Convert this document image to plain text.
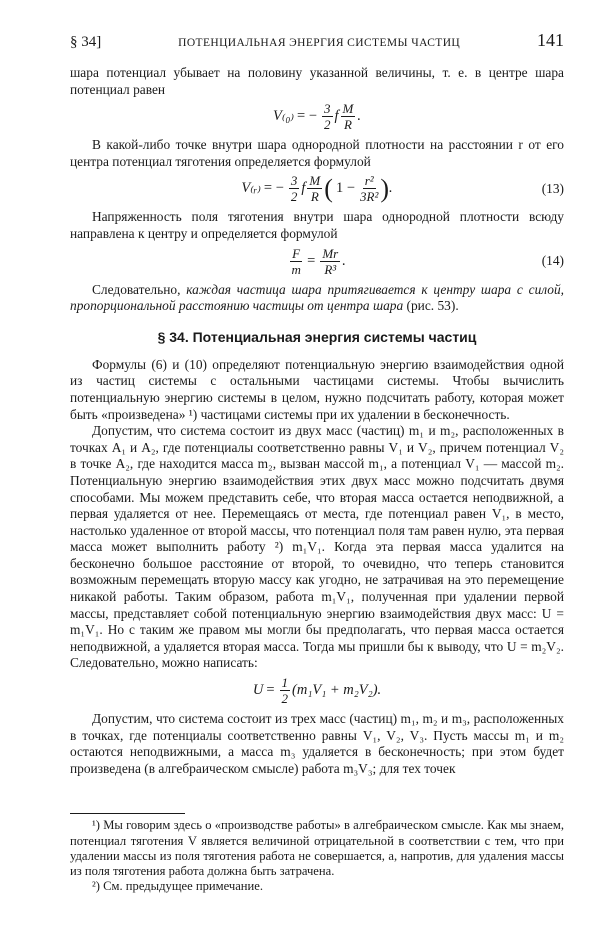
§ 34]	ПОТЕНЦИАЛЬНАЯ ЭНЕРГИЯ СИСТЕМЫ ЧАСТИЦ	141

шара потенциал убывает на половину указанной величины, т. е. в центре шара потенциал равен

V₍₀₎ = − $\frac{3}{2}$ f $\frac{M}{R}$ .

В какой-либо точке внутри шара однородной плотности на расстоянии r от его центра потенциал тяготения определяется формулой

V₍ᵣ₎ = − $\frac{3}{2}$ f $\frac{M}{R}$ ( $1 - \frac{\text{r²}}{\text{3R²}}$ ) .	(13)

Напряженность поля тяготения внутри шара однородной плотности всюду направлена к центру и определяется формулой

$\frac{F}{m} = \frac{Mr}{\text{R³}}$ .	(14)

Следовательно, каждая частица шара притягивается к центру шара с силой, пропорциональной расстоянию частицы от центра шара (рис. 53).

§ 34. Потенциальная энергия системы частиц

Формулы (6) и (10) определяют потенциальную энергию взаимодействия одной из частиц системы с остальными частицами системы. Чтобы вычислить потенциальную энергию системы в целом, нужно подсчитать работу, которая может быть «произведена» ¹) частицами системы при их удалении в бесконечность.

Допустим, что система состоит из двух масс (частиц) m₁ и m₂, расположенных в точках A₁ и A₂, где потенциалы соответственно равны V₁ и V₂, причем потенциал V₂ в точке A₂, где находится масса m₂, вызван массой m₁, а потенциал V₁ — массой m₂. Потенциальную энергию взаимодействия этих двух масс можно подсчитать двумя способами. Мы можем представить себе, что вторая масса остается неподвижной, а первая удаляется от нее. Перемещаясь от места, где потенциал равен V₁, в место, настолько удаленное от второй массы, что потенциал поля там равен нулю, эта первая масса может выполнить работу ²) m₁V₁. Когда эта первая масса удалится на бесконечно большое расстояние от второй, то очевидно, что теперь становится возможным перемещать вторую массу как угодно, не затрачивая на это перемещение никакой работы. Таким образом, работа m₁V₁, полученная при удалении первой массы, представляет собой потенциальную энергию взаимодействия двух масс: U = m₁V₁. Но с таким же правом мы могли бы предполагать, что первая масса остается неподвижной, а удаляется вторая масса. Тогда мы пришли бы к выводу, что U = m₂V₂. Следовательно, можно написать:

$U = \frac{1}{2} (m_1V_1 + m_2V_2)$.

Допустим, что система состоит из трех масс (частиц) m₁, m₂ и m₃, расположенных в точках, где потенциалы соответственно равны V₁, V₂, V₃. Пусть массы m₁ и m₂ остаются неподвижными, а масса m₃ удаляется в бесконечность; при этом будет произведена (в алгебраическом смысле) работа m₃V₃; для тех точек

¹) Мы говорим здесь о «производстве работы» в алгебраическом смысле. Как мы знаем, потенциал тяготения V является величиной отрицательной в соответствии с тем, что при удалении массы из поля тяготения работа не совершается, а, напротив, для удаления массы из поля тяготения работа должна быть затрачена.

²) См. предыдущее примечание.
